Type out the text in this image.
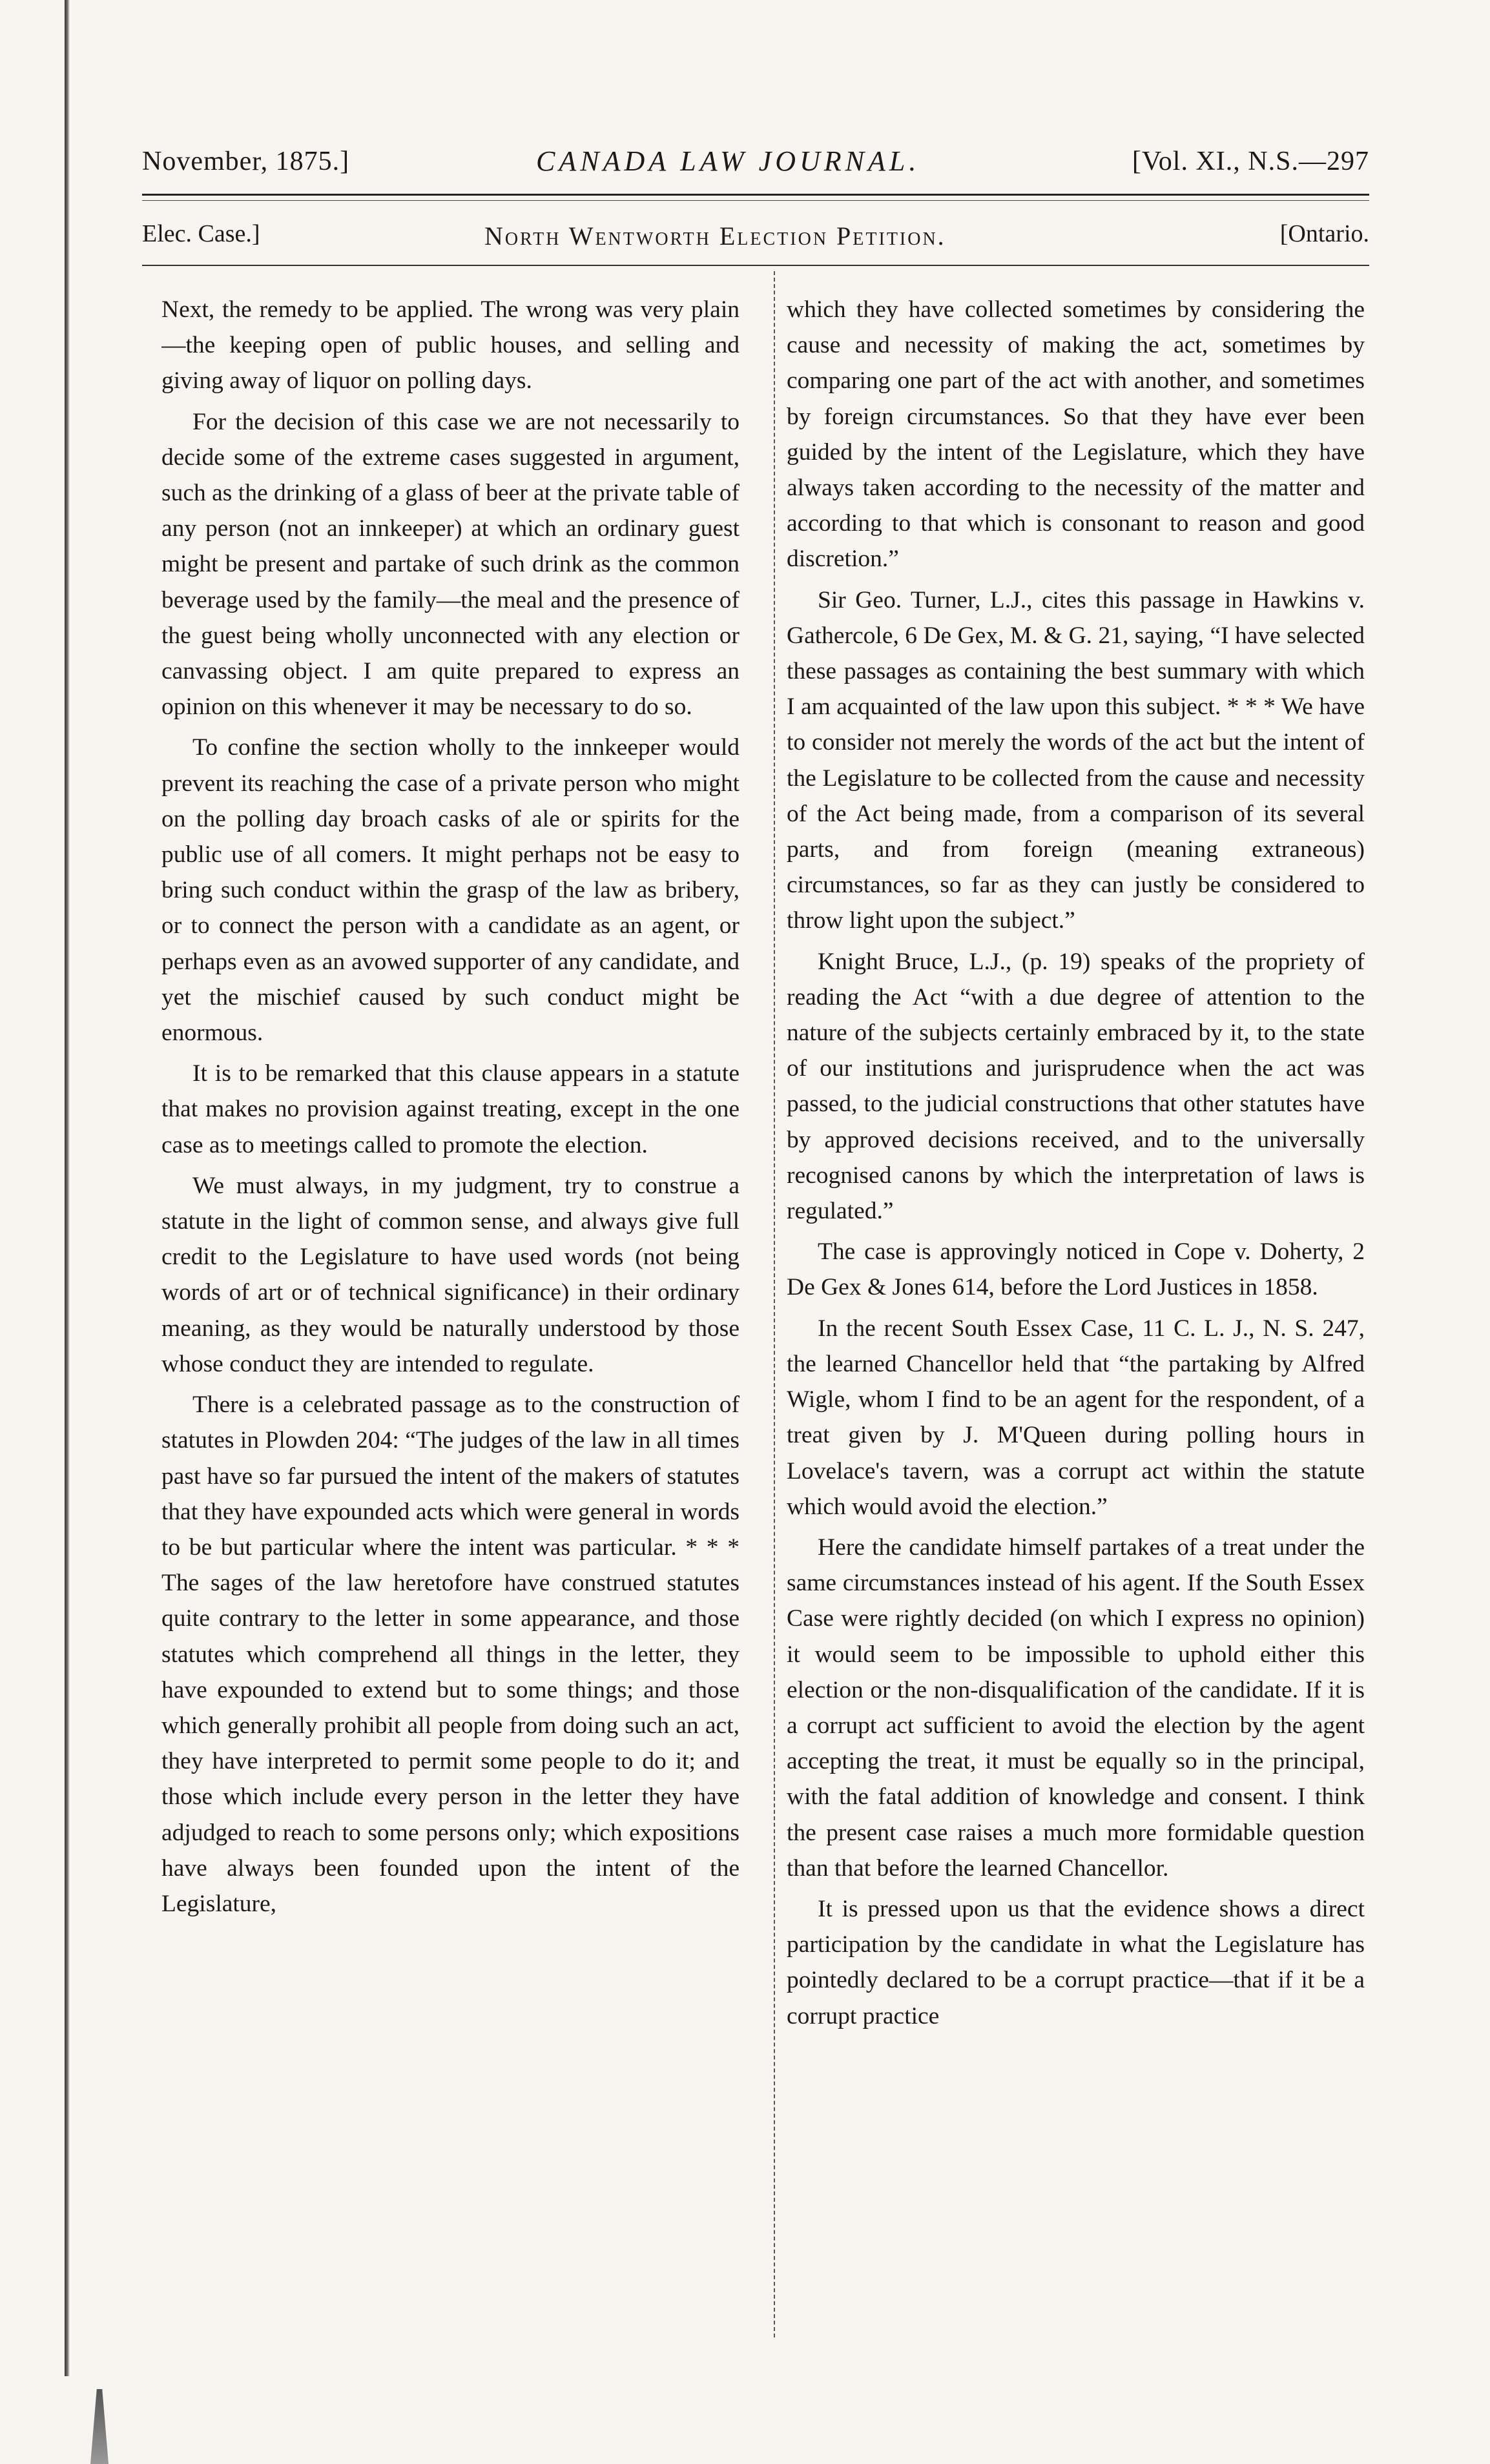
November, 1875.]	CANADA LAW JOURNAL.	[Vol. XI., N.S.—297
Elec. Case.]	North Wentworth Election Petition.	[Ontario.

Next, the remedy to be applied. The wrong was very plain—the keeping open of public houses, and selling and giving away of liquor on polling days.

For the decision of this case we are not necessarily to decide some of the extreme cases suggested in argument, such as the drinking of a glass of beer at the private table of any person (not an innkeeper) at which an ordinary guest might be present and partake of such drink as the common beverage used by the family—the meal and the presence of the guest being wholly unconnected with any election or canvassing object. I am quite prepared to express an opinion on this whenever it may be necessary to do so.

To confine the section wholly to the innkeeper would prevent its reaching the case of a private person who might on the polling day broach casks of ale or spirits for the public use of all comers. It might perhaps not be easy to bring such conduct within the grasp of the law as bribery, or to connect the person with a candidate as an agent, or perhaps even as an avowed supporter of any candidate, and yet the mischief caused by such conduct might be enormous.

It is to be remarked that this clause appears in a statute that makes no provision against treating, except in the one case as to meetings called to promote the election.

We must always, in my judgment, try to construe a statute in the light of common sense, and always give full credit to the Legislature to have used words (not being words of art or of technical significance) in their ordinary meaning, as they would be naturally understood by those whose conduct they are intended to regulate.

There is a celebrated passage as to the construction of statutes in Plowden 204: “The judges of the law in all times past have so far pursued the intent of the makers of statutes that they have expounded acts which were general in words to be but particular where the intent was particular. * * * The sages of the law heretofore have construed statutes quite contrary to the letter in some appearance, and those statutes which comprehend all things in the letter, they have expounded to extend but to some things; and those which generally prohibit all people from doing such an act, they have interpreted to permit some people to do it; and those which include every person in the letter they have adjudged to reach to some persons only; which expositions have always been founded upon the intent of the Legislature,

which they have collected sometimes by considering the cause and necessity of making the act, sometimes by comparing one part of the act with another, and sometimes by foreign circumstances. So that they have ever been guided by the intent of the Legislature, which they have always taken according to the necessity of the matter and according to that which is consonant to reason and good discretion.”

Sir Geo. Turner, L.J., cites this passage in Hawkins v. Gathercole, 6 De Gex, M. & G. 21, saying, “I have selected these passages as containing the best summary with which I am acquainted of the law upon this subject. * * * We have to consider not merely the words of the act but the intent of the Legislature to be collected from the cause and necessity of the Act being made, from a comparison of its several parts, and from foreign (meaning extraneous) circumstances, so far as they can justly be considered to throw light upon the subject.”

Knight Bruce, L.J., (p. 19) speaks of the propriety of reading the Act “with a due degree of attention to the nature of the subjects certainly embraced by it, to the state of our institutions and jurisprudence when the act was passed, to the judicial constructions that other statutes have by approved decisions received, and to the universally recognised canons by which the interpretation of laws is regulated.”

The case is approvingly noticed in Cope v. Doherty, 2 De Gex & Jones 614, before the Lord Justices in 1858.

In the recent South Essex Case, 11 C. L. J., N. S. 247, the learned Chancellor held that “the partaking by Alfred Wigle, whom I find to be an agent for the respondent, of a treat given by J. M'Queen during polling hours in Lovelace's tavern, was a corrupt act within the statute which would avoid the election.”

Here the candidate himself partakes of a treat under the same circumstances instead of his agent. If the South Essex Case were rightly decided (on which I express no opinion) it would seem to be impossible to uphold either this election or the non-disqualification of the candidate. If it is a corrupt act sufficient to avoid the election by the agent accepting the treat, it must be equally so in the principal, with the fatal addition of knowledge and consent. I think the present case raises a much more formidable question than that before the learned Chancellor.

It is pressed upon us that the evidence shows a direct participation by the candidate in what the Legislature has pointedly declared to be a corrupt practice—that if it be a corrupt practice
